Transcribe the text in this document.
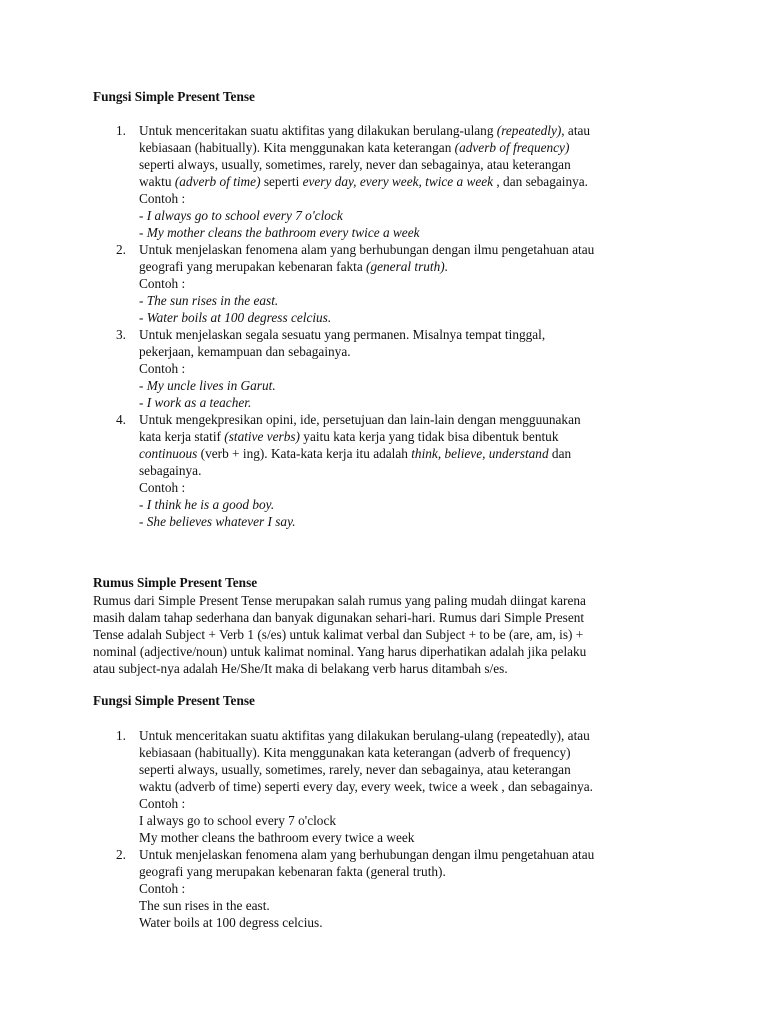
Fungsi Simple Present Tense
1. Untuk menceritakan suatu aktifitas yang dilakukan berulang-ulang (repeatedly), atau
kebiasaan (habitually). Kita menggunakan kata keterangan (adverb of frequency)
seperti always, usually, sometimes, rarely, never dan sebagainya, atau keterangan
waktu (adverb of time) seperti every day, every week, twice a week , dan sebagainya.
Contoh :
- I always go to school every 7 o'clock
- My mother cleans the bathroom every twice a week
2. Untuk menjelaskan fenomena alam yang berhubungan dengan ilmu pengetahuan atau
geografi yang merupakan kebenaran fakta (general truth).
Contoh :
- The sun rises in the east.
- Water boils at 100 degress celcius.
3. Untuk menjelaskan segala sesuatu yang permanen. Misalnya tempat tinggal,
pekerjaan, kemampuan dan sebagainya.
Contoh :
- My uncle lives in Garut.
- I work as a teacher.
4. Untuk mengekpresikan opini, ide, persetujuan dan lain-lain dengan mengguunakan
kata kerja statif (stative verbs) yaitu kata kerja yang tidak bisa dibentuk bentuk
continuous (verb + ing). Kata-kata kerja itu adalah think, believe, understand dan
sebagainya.
Contoh :
- I think he is a good boy.
- She believes whatever I say.
Rumus Simple Present Tense
Rumus dari Simple Present Tense merupakan salah rumus yang paling mudah diingat karena
masih dalam tahap sederhana dan banyak digunakan sehari-hari. Rumus dari Simple Present
Tense adalah Subject + Verb 1 (s/es) untuk kalimat verbal dan Subject + to be (are, am, is) +
nominal (adjective/noun) untuk kalimat nominal. Yang harus diperhatikan adalah jika pelaku
atau subject-nya adalah He/She/It maka di belakang verb harus ditambah s/es.
Fungsi Simple Present Tense
1. Untuk menceritakan suatu aktifitas yang dilakukan berulang-ulang (repeatedly), atau
kebiasaan (habitually). Kita menggunakan kata keterangan (adverb of frequency)
seperti always, usually, sometimes, rarely, never dan sebagainya, atau keterangan
waktu (adverb of time) seperti every day, every week, twice a week , dan sebagainya.
Contoh :
I always go to school every 7 o'clock
My mother cleans the bathroom every twice a week
2. Untuk menjelaskan fenomena alam yang berhubungan dengan ilmu pengetahuan atau
geografi yang merupakan kebenaran fakta (general truth).
Contoh :
The sun rises in the east.
Water boils at 100 degress celcius.
